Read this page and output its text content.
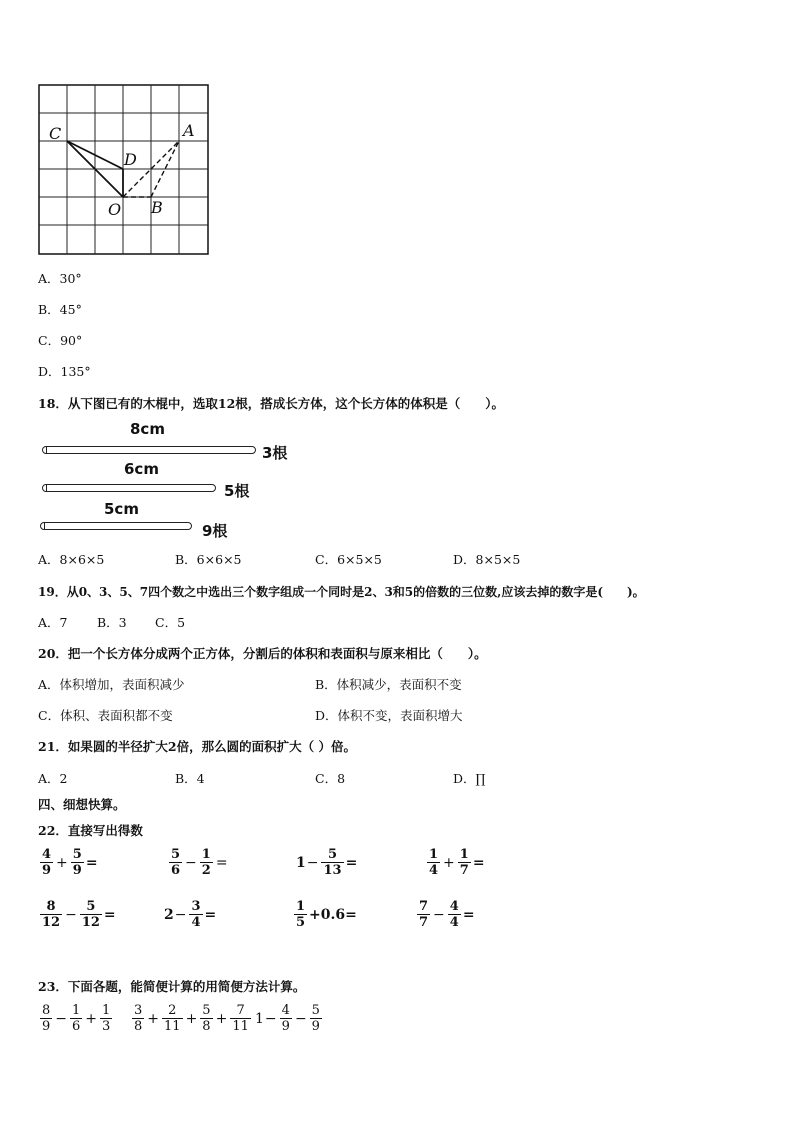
C	A
D
O B
A．30°
B．45°
C．90°
D．135°
18．从下图已有的木棍中，选取12根，搭成长方体，这个长方体的体积是（　　）。
8cm
3根
6cm
5根
5cm
9根
A．8×6×5	B．6×6×5	C．6×5×5	D．8×5×5
19．从0、3、5、7四个数之中选出三个数字组成一个同时是2、3和5的倍数的三位数,应该去掉的数字是(　　)。
A．7 B．3 C．5
20．把一个长方体分成两个正方体，分割后的体积和表面积与原来相比（　　）。
A．体积增加，表面积减少	B．体积减少，表面积不变
C．体积、表面积都不变	D．体积不变，表面积增大
21．如果圆的半径扩大2倍，那么圆的面积扩大（ ）倍。
A．2	B．4	C．8	D．∏
四、细想快算。
22．直接写出得数
$\frac{4}{9} + \frac{5}{9}$ =	$\frac{5}{6} - \frac{1}{2}$ =	$1 - \frac{5}{13}$ =	$\frac{1}{4} + \frac{1}{7}$ =
$\frac{8}{12} - \frac{5}{12}$ =	$2 - \frac{3}{4}$ =	$\frac{1}{5} +0.6$ =	$\frac{7}{7} - \frac{4}{4}$ =
23．下面各题，能简便计算的用简便方法计算。
$\frac{8}{9} - \frac{1}{6} + \frac{1}{3} \frac{3}{8} + \frac{2}{11} + \frac{5}{8} + \frac{7}{11} 1 - \frac{4}{9} - \frac{5}{9}$
